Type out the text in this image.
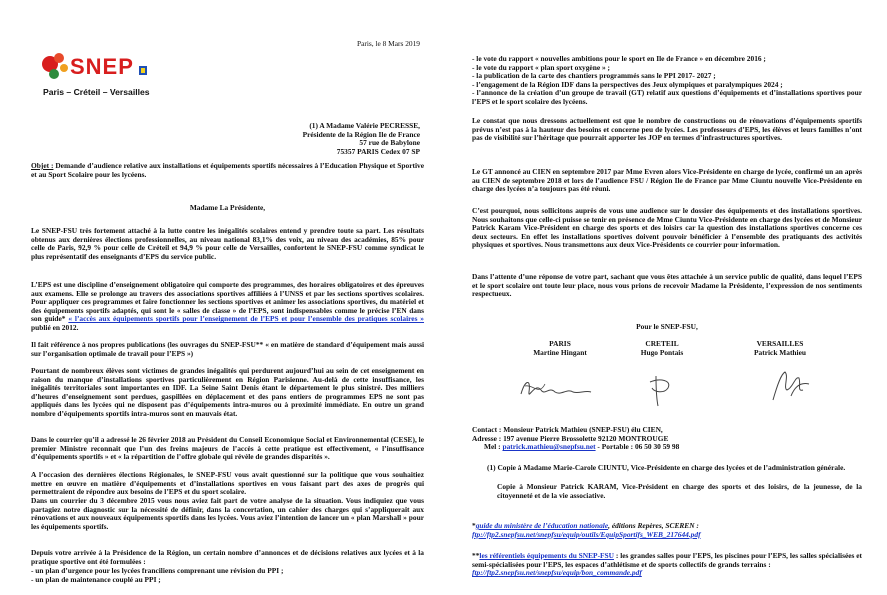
SNEP

Paris – Créteil – Versailles

Paris, le 8 Mars 2019

(1) A Madame Valérie PECRESSE,
Présidente de la Région Ile de France
57 rue de Babylone
75357 PARIS Cedex 07 SP

Objet : Demande d’audience relative aux installations et équipements sportifs nécessaires à l’Education Physique et Sportive et au Sport Scolaire pour les lycéens.

Madame La Présidente,

Le SNEP-FSU très fortement attaché à la lutte contre les inégalités scolaires entend y prendre toute sa part. Les résultats obtenus aux dernières élections professionnelles, au niveau national 83,1% des voix, au niveau des académies, 85% pour celle de Paris, 92,9 % pour celle de Créteil et 94,9 % pour celle de Versailles, confortent le SNEP-FSU comme syndicat le plus représentatif des enseignants d’EPS du service public.

L’EPS est une discipline d’enseignement obligatoire qui comporte des programmes, des horaires obligatoires et des épreuves aux examens. Elle se prolonge au travers des associations sportives affiliées à l’UNSS et par les sections sportives scolaires. Pour appliquer ces programmes et faire fonctionner les sections sportives et animer les associations sportives, du matériel et des équipements sportifs adaptés, qui sont le « salles de classe » de l’EPS, sont indispensables comme le précise l’EN dans son guide* « l’accès aux équipements sportifs pour l’enseignement de l’EPS et pour l’ensemble des pratiques scolaires » publié en 2012.

Il fait référence à nos propres publications (les ouvrages du SNEP-FSU** « en matière de standard d’équipement mais aussi sur l’organisation optimale de travail pour l’EPS »)

Pourtant de nombreux élèves sont victimes de grandes inégalités qui perdurent aujourd’hui au sein de cet enseignement en raison du manque d’installations sportives particulièrement en Région Parisienne. Au-delà de cette insuffisance, les inégalités territoriales sont importantes en IDF. La Seine Saint Denis étant le département le plus sinistré. Des milliers d’heures d’enseignement sont perdues, gaspillées en déplacement et des pans entiers de programmes EPS ne sont pas appliqués dans les lycées qui ne disposent pas d’équipements intra-muros ou à proximité immédiate. En outre un grand nombre d’équipements sportifs intra-muros sont en mauvais état.

Dans le courrier qu’il a adressé le 26 février 2018 au Président du Conseil Economique Social et Environnemental (CESE), le premier Ministre reconnait que l’un des freins majeurs de l’accès à cette pratique est effectivement, « l’insuffisance d’équipements sportifs » et « la répartition de l’offre globale qui révèle de grandes disparités ».

A l’occasion des dernières élections Régionales, le SNEP-FSU vous avait questionné sur la politique que vous souhaitiez mettre en œuvre en matière d’équipements et d’installations sportives en vous faisant part des axes de progrès qui permettraient de répondre aux besoins de l’EPS et du sport scolaire.

Dans un courrier du 3 décembre 2015 vous nous aviez fait part de votre analyse de la situation. Vous indiquiez que vous partagiez notre diagnostic sur la nécessité de définir, dans la concertation, un cahier des charges qui s’appliquerait aux rénovations et aux nouveaux équipements sportifs dans les lycées. Vous aviez l’intention de lancer un « plan Marshall » pour les équipements sportifs.

Depuis votre arrivée à la Présidence de la Région, un certain nombre d’annonces et de décisions relatives aux lycées et à la pratique sportive ont été formulées :

- un plan d’urgence pour les lycées franciliens comprenant une révision du PPI ;
- un plan de maintenance couplé au PPI ;
- le vote du rapport « nouvelles ambitions pour le sport en Ile de France » en décembre 2016 ;
- le vote du rapport « plan sport oxygène » ;
- la publication de la carte des chantiers programmés sans le PPI 2017- 2027 ;
- l’engagement de la Région IDF dans la perspectives des Jeux olympiques et paralympiques 2024 ;
- l’annonce de la création d’un groupe de travail (GT) relatif aux questions d’équipements et d’installations sportives pour l’EPS et le sport scolaire des lycéens.

Le constat que nous dressons actuellement est que le nombre de constructions ou de rénovations d’équipements sportifs prévus n’est pas à la hauteur des besoins et concerne peu de lycées. Les professeurs d’EPS, les élèves et leurs familles n’ont pas de visibilité sur l’héritage que pourrait apporter les JOP en termes d’infrastructures sportives.

Le GT annoncé au CIEN en septembre 2017 par Mme Evren alors Vice-Présidente en charge de lycée, confirmé un an après au CIEN de septembre 2018 et lors de l’audience FSU / Région Ile de France par Mme Ciuntu nouvelle Vice-Présidente en charge des lycées n’a toujours pas été réuni.

C’est pourquoi, nous sollicitons auprès de vous une audience sur le dossier des équipements et des installations sportives. Nous souhaitons que celle-ci puisse se tenir en présence de Mme Ciuntu Vice-Présidente en charge des lycées et de Monsieur Patrick Karam Vice-Président en charge des sports et des loisirs car la question des installations sportives concerne ces deux secteurs. En effet les installations sportives doivent pouvoir bénéficier à l’ensemble des pratiquants des activités physiques et sportives. Nous transmettons aux deux Vice-Présidents ce courrier pour information.

Dans l’attente d’une réponse de votre part, sachant que vous êtes attachée à un service public de qualité, dans lequel l’EPS et le sport scolaire ont toute leur place, nous vous prions de recevoir Madame la Présidente, l’expression de nos sentiments respectueux.

Pour le SNEP-FSU,

PARIS
Martine Hingant
CRETEIL
Hugo Pontais
VERSAILLES
Patrick Mathieu
Contact : Monsieur Patrick Mathieu (SNEP-FSU) élu CIEN,
Adresse : 197 avenue Pierre Brossolette 92120 MONTROUGE
Mel : patrick.mathieu@snepfsu.net - Portable : 06 50 30 59 98

(1) Copie à Madame Marie-Carole CIUNTU, Vice-Présidente en charge des lycées et de l’administration générale.

Copie à Monsieur Patrick KARAM, Vice-Président en charge des sports et des loisirs, de la jeunesse, de la citoyenneté et de la vie associative.

*guide du ministère de l’éducation nationale, éditions Repères, SCEREN :
ftp://ftp2.snepfsu.net/snepfsu/equip/outils/EquipSportifs_WEB_217644.pdf
**les référentiels équipements du SNEP-FSU : les grandes salles pour l’EPS, les piscines pour l’EPS, les salles spécialisées et semi-spécialisées pour l’EPS, les espaces d’athlétisme et de sports collectifs de grands terrains :
ftp://ftp2.snepfsu.net/snepfsu/equip/bon_commande.pdf
